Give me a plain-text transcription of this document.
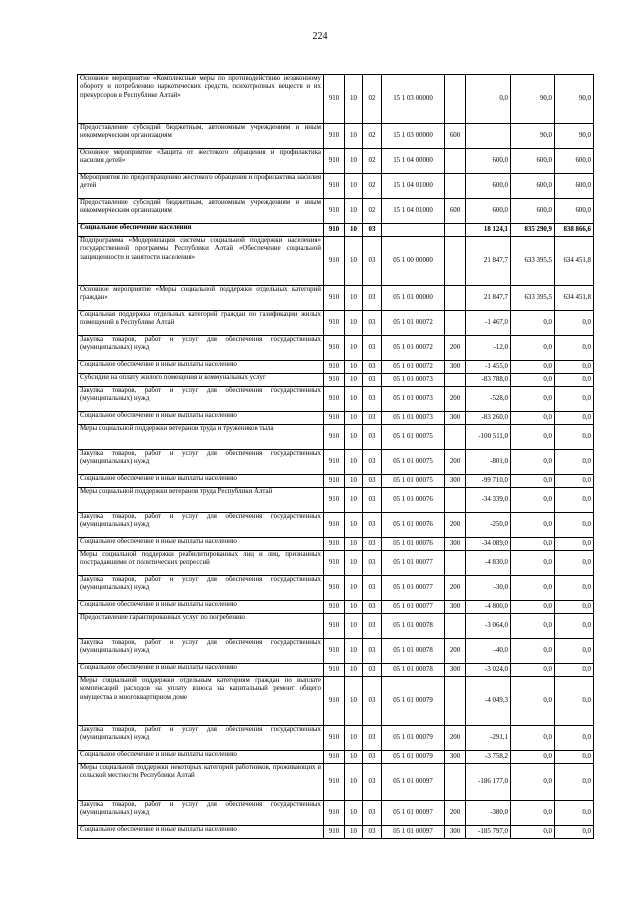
224
Основное мероприятие «Комплексные меры по противодействию незаконному обороту и потреблению наркотических средств, психотропных веществ и их прекурсоров в Республике Алтай»	910	10	02	15 1 03 00000		0,0	90,0	90,0
Предоставление субсидий бюджетным, автономным учреждениям и иным некоммерческим организациям	910	10	02	15 1 03 00000	600		90,0	90,0
Основное мероприятие «Защита от жестокого обращения и профилактика насилия детей»	910	10	02	15 1 04 00000		600,0	600,0	600,0
Мероприятия по предотвращению жестокого обращения и профилактика насилия детей	910	10	02	15 1 04 01000		600,0	600,0	600,0
Предоставление субсидий бюджетным, автономным учреждениям и иным некоммерческим организациям	910	10	02	15 1 04 01000	600	600,0	600,0	600,0
Социальное обеспечение населения	910	10	03			18 124,1	835 290,9	838 866,6
Подпрограмма «Модернизация системы социальной поддержки населения» государственной программы Республики Алтай «Обеспечение социальной защищенности и занятости населения»	910	10	03	05 1 00 00000		21 847,7	633 395,5	634 451,8
Основное мероприятие «Меры социальной поддержки отдельных категорий граждан»	910	10	03	05 1 01 00000		21 847,7	633 395,5	634 451,8
Социальная поддержка отдельных категорий граждан по газификации жилых помещений в Республике Алтай	910	10	03	05 1 01 00072		-1 467,0	0,0	0,0
Закупка товаров, работ и услуг для обеспечения государственных (муниципальных) нужд	910	10	03	05 1 01 00072	200	-12,0	0,0	0,0
Социальное обеспечение и иные выплаты населению	910	10	03	05 1 01 00072	300	-1 455,0	0,0	0,0
Субсидии на оплату жилого помещения и коммунальных услуг	910	10	03	05 1 01 00073		-83 788,0	0,0	0,0
Закупка товаров, работ и услуг для обеспечения государственных (муниципальных) нужд	910	10	03	05 1 01 00073	200	-528,0	0,0	0,0
Социальное обеспечение и иные выплаты населению	910	10	03	05 1 01 00073	300	-83 260,0	0,0	0,0
Меры социальной поддержки ветеранов труда и тружеников тыла	910	10	03	05 1 01 00075		-100 511,0	0,0	0,0
Закупка товаров, работ и услуг для обеспечения государственных (муниципальных) нужд	910	10	03	05 1 01 00075	200	-801,0	0,0	0,0
Социальное обеспечение и иные выплаты населению	910	10	03	05 1 01 00075	300	-99 710,0	0,0	0,0
Меры социальной поддержки ветеранов труда Республики Алтай	910	10	03	05 1 01 00076		-34 339,0	0,0	0,0
Закупка товаров, работ и услуг для обеспечения государственных (муниципальных) нужд	910	10	03	05 1 01 00076	200	-250,0	0,0	0,0
Социальное обеспечение и иные выплаты населению	910	10	03	05 1 01 00076	300	-34 089,0	0,0	0,0
Меры социальной поддержки реабилитированных лиц и лиц, признанных пострадавшими от политических репрессий	910	10	03	05 1 01 00077		-4 830,0	0,0	0,0
Закупка товаров, работ и услуг для обеспечения государственных (муниципальных) нужд	910	10	03	05 1 01 00077	200	-30,0	0,0	0,0
Социальное обеспечение и иные выплаты населению	910	10	03	05 1 01 00077	300	-4 800,0	0,0	0,0
Предоставление гарантированных услуг по погребению	910	10	03	05 1 01 00078		-3 064,0	0,0	0,0
Закупка товаров, работ и услуг для обеспечения государственных (муниципальных) нужд	910	10	03	05 1 01 00078	200	-40,0	0,0	0,0
Социальное обеспечение и иные выплаты населению	910	10	03	05 1 01 00078	300	-3 024,0	0,0	0,0
Меры социальной поддержки отдельным категориям граждан по выплате компенсаций расходов на уплату взноса на капитальный ремонт общего имущества в многоквартирном доме	910	10	03	05 1 01 00079		-4 049,3	0,0	0,0
Закупка товаров, работ и услуг для обеспечения государственных (муниципальных) нужд	910	10	03	05 1 01 00079	200	-291,1	0,0	0,0
Социальное обеспечение и иные выплаты населению	910	10	03	05 1 01 00079	300	-3 758,2	0,0	0,0
Меры социальной поддержки некоторых категорий работников, проживающих в сельской местности Республики Алтай	910	10	03	05 1 01 00097		-186 177,0	0,0	0,0
Закупка товаров, работ и услуг для обеспечения государственных (муниципальных) нужд	910	10	03	05 1 01 00097	200	-380,0	0,0	0,0
Социальное обеспечение и иные выплаты населению	910	10	03	05 1 01 00097	300	-185 797,0	0,0	0,0
